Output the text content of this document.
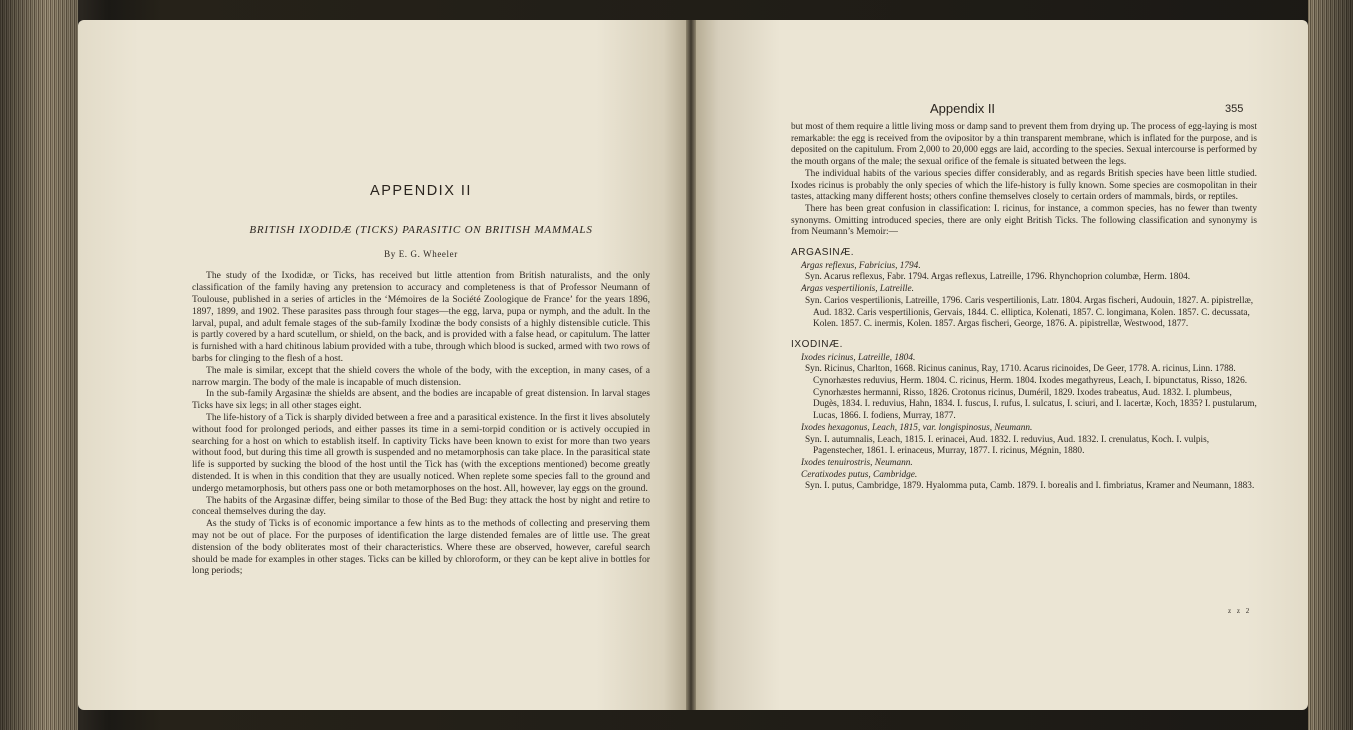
APPENDIX II
BRITISH IXODIDÆ (TICKS) PARASITIC ON BRITISH MAMMALS
By E. G. Wheeler

The study of the Ixodidæ, or Ticks, has received but little attention from British naturalists, and the only classification of the family having any pretension to accuracy and completeness is that of Professor Neumann of Toulouse, published in a series of articles in the ‘Mémoires de la Société Zoologique de France’ for the years 1896, 1897, 1899, and 1902. These parasites pass through four stages—the egg, larva, pupa or nymph, and the adult. In the larval, pupal, and adult female stages of the sub-family Ixodinæ the body consists of a highly distensible cuticle. This is partly covered by a hard scutellum, or shield, on the back, and is provided with a false head, or capitulum. The latter is furnished with a hard chitinous labium provided with a tube, through which blood is sucked, armed with two rows of barbs for clinging to the flesh of a host.

The male is similar, except that the shield covers the whole of the body, with the exception, in many cases, of a narrow margin. The body of the male is incapable of much distension.

In the sub-family Argasinæ the shields are absent, and the bodies are incapable of great distension. In larval stages Ticks have six legs; in all other stages eight.

The life-history of a Tick is sharply divided between a free and a parasitical existence. In the first it lives absolutely without food for prolonged periods, and either passes its time in a semi-torpid condition or is actively occupied in searching for a host on which to establish itself. In captivity Ticks have been known to exist for more than two years without food, but during this time all growth is suspended and no metamorphosis can take place. In the parasitical state life is supported by sucking the blood of the host until the Tick has (with the exceptions mentioned) become greatly distended. It is when in this condition that they are usually noticed. When replete some species fall to the ground and undergo metamorphosis, but others pass one or both metamorphoses on the host. All, however, lay eggs on the ground.

The habits of the Argasinæ differ, being similar to those of the Bed Bug: they attack the host by night and retire to conceal themselves during the day.

As the study of Ticks is of economic importance a few hints as to the methods of collecting and preserving them may not be out of place. For the purposes of identification the large distended females are of little use. The great distension of the body obliterates most of their characteristics. Where these are observed, however, careful search should be made for examples in other stages. Ticks can be killed by chloroform, or they can be kept alive in bottles for long periods;

Appendix II	355

but most of them require a little living moss or damp sand to prevent them from drying up. The process of egg-laying is most remarkable: the egg is received from the ovipositor by a thin transparent membrane, which is inflated for the purpose, and is deposited on the capitulum. From 2,000 to 20,000 eggs are laid, according to the species. Sexual intercourse is performed by the mouth organs of the male; the sexual orifice of the female is situated between the legs.

The individual habits of the various species differ considerably, and as regards British species have been little studied. Ixodes ricinus is probably the only species of which the life-history is fully known. Some species are cosmopolitan in their tastes, attacking many different hosts; others confine themselves closely to certain orders of mammals, birds, or reptiles.

There has been great confusion in classification: I. ricinus, for instance, a common species, has no fewer than twenty synonyms. Omitting introduced species, there are only eight British Ticks. The following classification and synonymy is from Neumann’s Memoir:—

ARGASINÆ.

Argas reflexus, Fabricius, 1794.

Syn. Acarus reflexus, Fabr. 1794. Argas reflexus, Latreille, 1796. Rhynchoprion columbæ, Herm. 1804.

Argas vespertilionis, Latreille.

Syn. Carios vespertilionis, Latreille, 1796. Caris vespertilionis, Latr. 1804. Argas fischeri, Audouin, 1827. A. pipistrellæ, Aud. 1832. Caris vespertilionis, Gervais, 1844. C. elliptica, Kolenati, 1857. C. longimana, Kolen. 1857. C. decussata, Kolen. 1857. C. inermis, Kolen. 1857. Argas fischeri, George, 1876. A. pipistrellæ, Westwood, 1877.

IXODINÆ.

Ixodes ricinus, Latreille, 1804.

Syn. Ricinus, Charlton, 1668. Ricinus caninus, Ray, 1710. Acarus ricinoides, De Geer, 1778. A. ricinus, Linn. 1788. Cynorhæstes reduvius, Herm. 1804. C. ricinus, Herm. 1804. Ixodes megathyreus, Leach, I. bipunctatus, Risso, 1826. Cynorhæstes hermanni, Risso, 1826. Crotonus ricinus, Duméril, 1829. Ixodes trabeatus, Aud. 1832. I. plumbeus, Dugès, 1834. I. reduvius, Hahn, 1834. I. fuscus, I. rufus, I. sulcatus, I. sciuri, and I. lacertæ, Koch, 1835? I. pustularum, Lucas, 1866. I. fodiens, Murray, 1877.

Ixodes hexagonus, Leach, 1815, var. longispinosus, Neumann.

Syn. I. autumnalis, Leach, 1815. I. erinacei, Aud. 1832. I. reduvius, Aud. 1832. I. crenulatus, Koch. I. vulpis, Pagenstecher, 1861. I. erinaceus, Murray, 1877. I. ricinus, Mégnin, 1880.

Ixodes tenuirostris, Neumann.

Ceratixodes putus, Cambridge.

Syn. I. putus, Cambridge, 1879. Hyalomma puta, Camb. 1879. I. borealis and I. fimbriatus, Kramer and Neumann, 1883.

z z 2
